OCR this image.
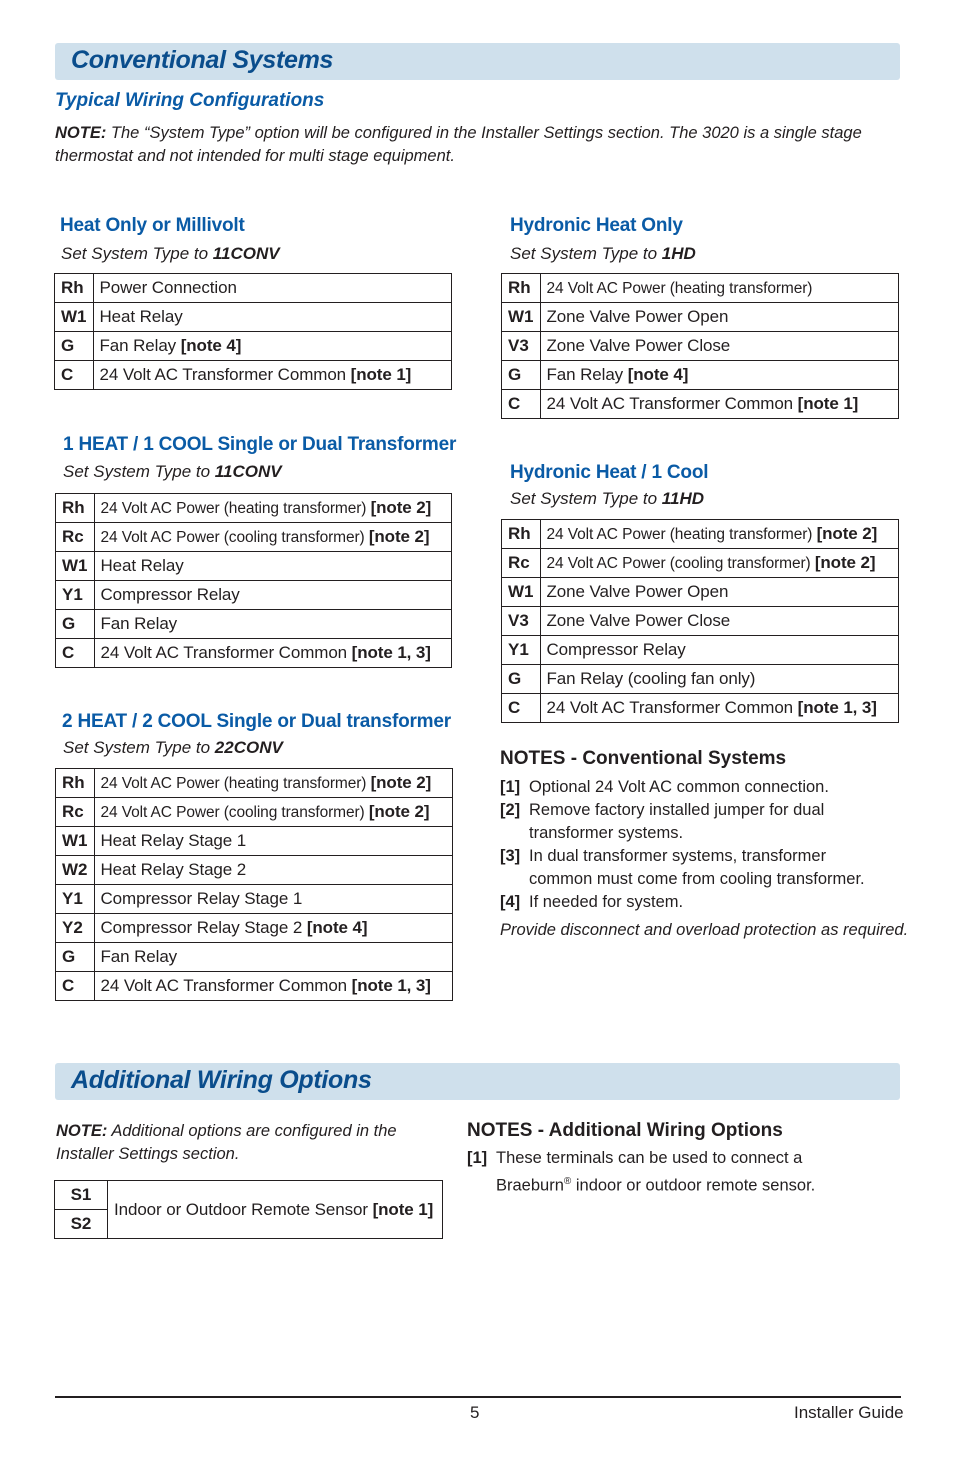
Conventional Systems
Typical Wiring Configurations
NOTE: The “System Type” option will be configured in the Installer Settings section. The 3020 is a single stage thermostat and not intended for multi stage equipment.
Heat Only or Millivolt
Set System Type to 11CONV
Rh	Power Connection
W1	Heat Relay
G	Fan Relay [note 4]
C	24 Volt AC Transformer Common [note 1]
1 HEAT / 1 COOL Single or Dual Transformer
Set System Type to 11CONV
Rh	24 Volt AC Power (heating transformer) [note 2]
Rc	24 Volt AC Power (cooling transformer) [note 2]
W1	Heat Relay
Y1	Compressor Relay
G	Fan Relay
C	24 Volt AC Transformer Common [note 1, 3]
2 HEAT / 2 COOL Single or Dual transformer
Set System Type to 22CONV
Rh	24 Volt AC Power (heating transformer) [note 2]
Rc	24 Volt AC Power (cooling transformer) [note 2]
W1	Heat Relay Stage 1
W2	Heat Relay Stage 2
Y1	Compressor Relay Stage 1
Y2	Compressor Relay Stage 2 [note 4]
G	Fan Relay
C	24 Volt AC Transformer Common [note 1, 3]
Hydronic Heat Only
Set System Type to 1HD
Rh	24 Volt AC Power (heating transformer)
W1	Zone Valve Power Open
V3	Zone Valve Power Close
G	Fan Relay [note 4]
C	24 Volt AC Transformer Common [note 1]
Hydronic Heat / 1 Cool
Set System Type to 11HD
Rh	24 Volt AC Power (heating transformer) [note 2]
Rc	24 Volt AC Power (cooling transformer) [note 2]
W1	Zone Valve Power Open
V3	Zone Valve Power Close
Y1	Compressor Relay
G	Fan Relay (cooling fan only)
C	24 Volt AC Transformer Common [note 1, 3]
NOTES - Conventional Systems
[1] Optional 24 Volt AC common connection.
[2] Remove factory installed jumper for dual
transformer systems.
[3] In dual transformer systems, transformer
common must come from cooling transformer.
[4] If needed for system.
Provide disconnect and overload protection as required.
Additional Wiring Options
NOTE: Additional options are configured in the
Installer Settings section.
S1	Indoor or Outdoor Remote Sensor [note 1]
S2
NOTES - Additional Wiring Options
[1] These terminals can be used to connect a
Braeburn® indoor or outdoor remote sensor.
5	Installer Guide
